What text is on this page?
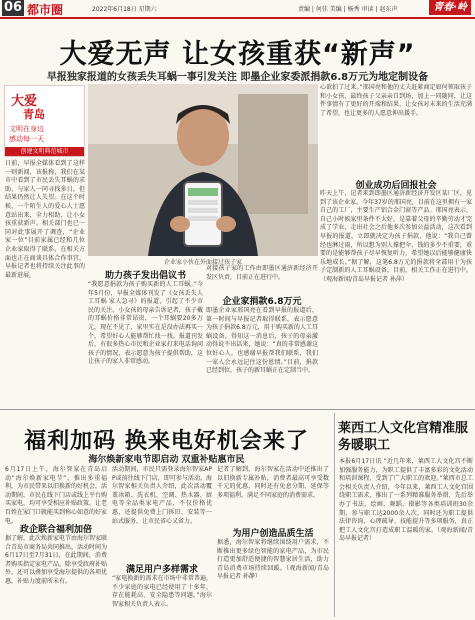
06 都市圈	2022年6月18日 星期六	责编 | 何佳 美编 | 杨秀 审读 | 赵东声	青春·岭
大爱无声 让女孩重获“新声”
早报独家报道的女孩丢失耳蜗一事引发关注 即墨企业家委派捐款6.8万元为地定制设备
大爱
青岛
文明在身边
感动每一天
创建文明典范城市
日前，早报全媒体看到了这样一则新闻，该报称，我们在某市中看到了市民丢失耳蜗的求助，与家人一同寻找多日，但结果仍然让人失望。在这个时候，一个陌生人的爱心人士愿意站出来，全力相助，让小女孩重获新声。相关部门也已一同对此事展开了调查，“企业家一位”目前家属已经和几位企业家取得了联系，在相关方面也正在商谈具体合作事宜，早报记者也将持续关注此事的最新进展。
企业家小伙在外面接过孩子家
心欲拍了过来。”邢国亮和他的丈夫赶紧商定如何领取孩子和小女孩，最终孩子父亲亲自到场，加上一同随同，让这件事情有了更好的开端和结果，让女孩对未来的生活充满了希望，也让更多的人愿意伸出援手。
创业成功后回报社会
昨天上午，记者来到即墨区通济新经济开发区某厂区，见到了该企业家。今年37岁的邢国亮，目前在这里拥有一家自己的工厂，主要生产铝合金门窗等产品。邢国亮表示，自己小时候家里条件不太好，是靠着父母的辛勤劳动才完成了学业，走出社会之后他多次参加公益活动，这次看到早报的报道，立即就决定为孩子捐款，他说：“我自己曾经也淋过雨，所以想为别人撑把伞，钱的多少不重要，重要的是能够帮孩子尽早恢复听力，希望她以后能够健康快乐地成长。”据了解，这笔6.8万元的捐款将全部用于为孩子定制新的人工耳蜗设备，目前，相关工作正在进行中。（观海新闻/青岛早报记者 孙萍）
助力孩子发出倡议书
“我愿意捐款为孩子购买新的人工耳蜗。”今年5月份，早报全媒体刊发了《女孩丢失人工耳蜗 家人急寻》的报道，引起了不少市民的关注。小女孩的母亲告诉记者，孩子戴的耳蜗价格非常昂贵，一个耳蜗要20多万元，现在不见了，家里实在是没办法再买一个，希望好心人能够帮忙找一找。报道刊发后，有很多热心市民和企业家打来电话询问孩子的情况，表示愿意为孩子提供帮助，这让孩子的家人非常感动。
对接孩子家的工作由即墨区通济新经济开发区负责，目前正在进行中。
企业家捐款6.8万元
即墨企业家邢国亮在看到早报的报道后，第一时间与早报记者取得联系，表示愿意为孩子捐款6.8万元，用于购买新的人工耳蜗设备。得知这一消息后，孩子的母亲激动得说不出话来，她说：“真的非常感谢这位好心人，也感谢早报帮我们联系，我们一家人会永远记住这份恩情。”目前，捐款已经到位，孩子的新耳蜗正在定制当中。
福利加码 换来电好机会来了
海尔焕新家电节即启动 双重补贴惠市民
6月17日上午，海尔智家在青岛启动“海尔焕新家电节”，推出多重福利，为市民带来以旧换新的好机会，活动期间，市民在线下门店或线上平台购买家电，均可享受相应补贴政策，让老百姓在家门口就能买到称心如意的好家电。
政企联合福利加倍
据了解，此次焕新家电节由海尔智家联合青岛市商务局共同推出，活动时间为6月17日至7月31日，在此期间，消费者购买指定家电产品，除享受政府补贴外，还可以叠加享受海尔提供的各项优惠，补贴力度前所未有。
活动期间，市民只需登录海尔智家APP或前往线下门店，即可参与活动。海尔智家相关负责人介绍，此次活动覆盖冰箱、洗衣机、空调、热水器、厨电等全品类家电产品，不仅价格优惠，还提供免费上门拆旧、安装等一站式服务，让市民省心又省力。
满足用户多样需求
“家电换新的需求在市场中非常普遍，不少家庭的家电已经使用了十多年，存在能耗高、安全隐患等问题。”海尔智家相关负责人表示。
记者了解到，海尔智家在活动中还推出了以旧换新专属补贴，消费者最高可享受数千元的优惠，同时还有免息分期、延保等多项福利，满足不同家庭的消费需求。
为用户创造品质生活
据悉，海尔智家将继续围绕用户需求，不断推出更多绿色智能的家电产品，为市民打造更加舒适便捷的智慧家居生活，助力青岛消费市场持续回暖。（观海新闻/青岛早报记者 孙静）
莱西工人文化宫精准服务暖职工
本报6月17日讯 “近几年来，莱西工人文化宫不断加强服务能力，为职工提供了丰富多彩的文化活动和培训课程，受到了广大职工的欢迎。”莱西市总工会相关负责人介绍，今年以来，莱西工人文化宫围绕职工需求，推出了一系列精准服务举措，先后举办了书法、绘画、舞蹈、摄影等各类培训班30余期，参与职工达2000余人次，同时还为职工提供法律咨询、心理疏导、技能提升等多项服务，真正把工人文化宫打造成职工温暖的家。（观海新闻/青岛早报记者）
